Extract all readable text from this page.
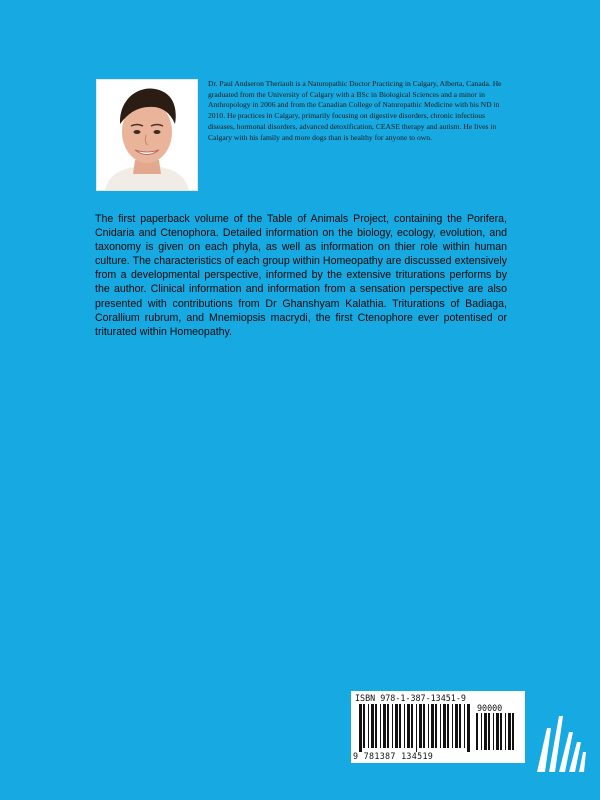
Dr. Paul Andseron Theriault is a Naturopathic Doctor Practicing in Calgary, Alberta, Canada. He graduated from the University of Calgary with a BSc in Biological Sciences and a minor in Anthropology in 2006 and from the Canadian College of Naturopathic Medicine with his ND in 2010. He practices in Calgary, primarily focusing on digestive disorders, chronic infectious diseases, hormonal disorders, advanced detoxification, CEASE therapy and autism. He lives in Calgary with his family and more dogs than is healthy for anyone to own.

The first paperback volume of the Table of Animals Project, containing the Porifera, Cnidaria and Ctenophora. Detailed information on the biology, ecology, evolution, and taxonomy is given on each phyla, as well as information on thier role within human culture. The characteristics of each group within Homeopathy are discussed extensively from a developmental perspective, informed by the extensive triturations performs by the author. Clinical information and information from a sensation perspective are also presented with contributions from Dr Ghanshyam Kalathia. Triturations of Badiaga, Corallium rubrum, and Mnemiopsis macrydi, the first Ctenophore ever potentised or triturated within Homeopathy.

ISBN 978-1-387-13451-9
90000
9 781387 134519
